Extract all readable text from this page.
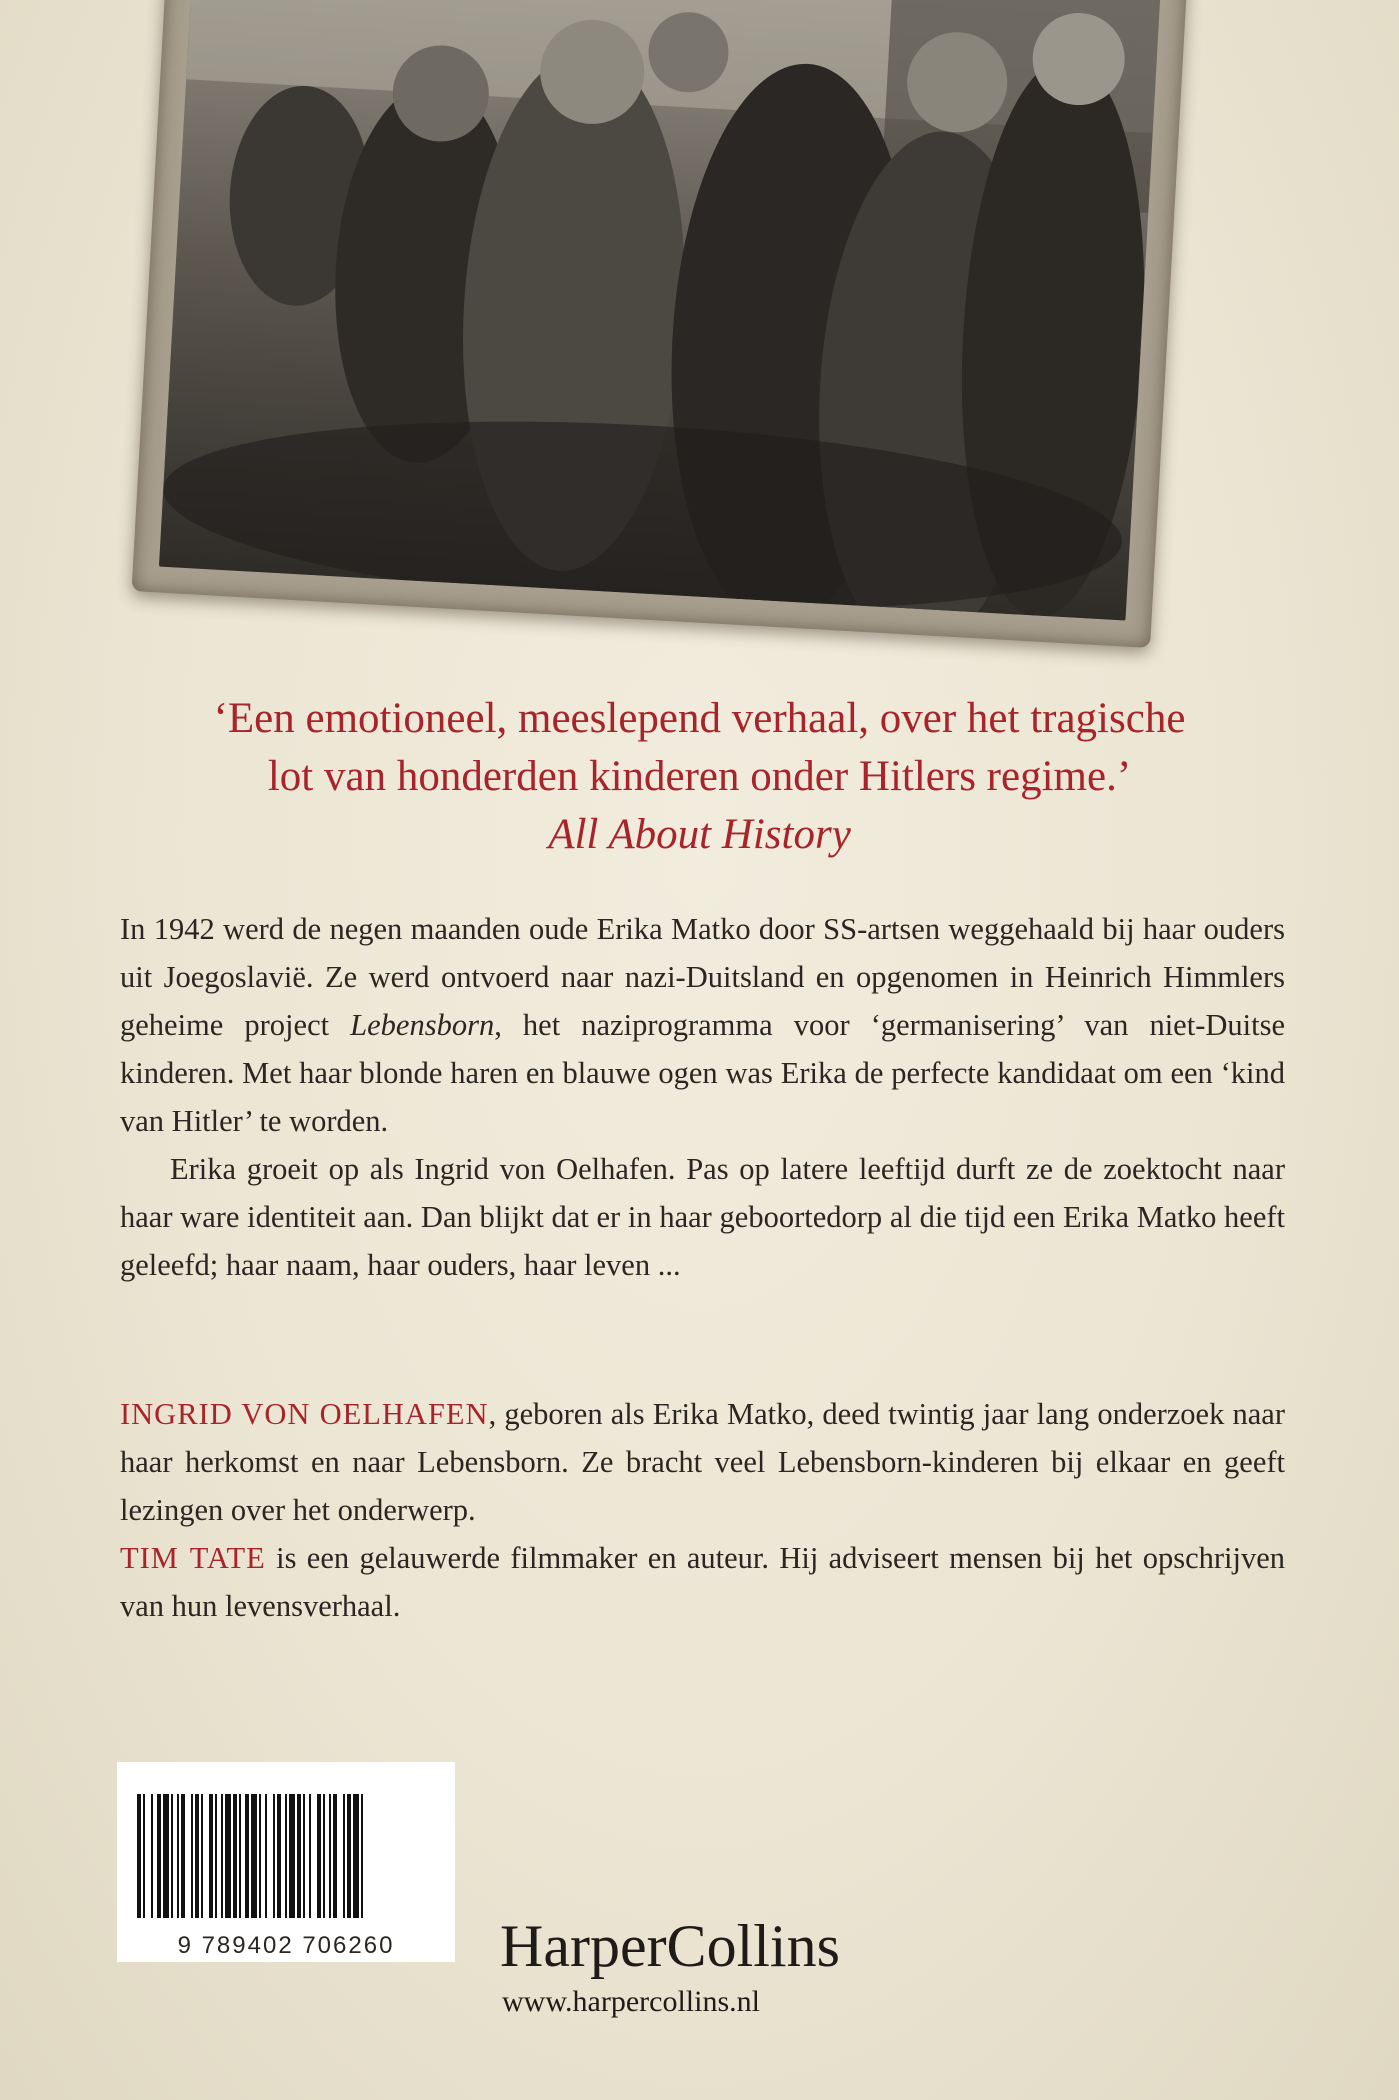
‘Een emotioneel, meeslepend verhaal, over het tragische
lot van honderden kinderen onder Hitlers regime.’
All About History

In 1942 werd de negen maanden oude Erika Matko door SS-artsen weggehaald bij haar ouders uit Joegoslavië. Ze werd ontvoerd naar nazi-Duitsland en opgenomen in Heinrich Himmlers geheime project Lebensborn, het naziprogramma voor ‘germanisering’ van niet-Duitse kinderen. Met haar blonde haren en blauwe ogen was Erika de perfecte kandidaat om een ‘kind van Hitler’ te worden.

Erika groeit op als Ingrid von Oelhafen. Pas op latere leeftijd durft ze de zoektocht naar haar ware identiteit aan. Dan blijkt dat er in haar geboortedorp al die tijd een Erika Matko heeft geleefd; haar naam, haar ouders, haar leven ...

INGRID VON OELHAFEN, geboren als Erika Matko, deed twintig jaar lang onderzoek naar haar herkomst en naar Lebensborn. Ze bracht veel Lebensborn-kinderen bij elkaar en geeft lezingen over het onderwerp.

TIM TATE is een gelauwerde filmmaker en auteur. Hij adviseert mensen bij het opschrijven van hun levensverhaal.

9 789402 706260	HarperCollins
www.harpercollins.nl
